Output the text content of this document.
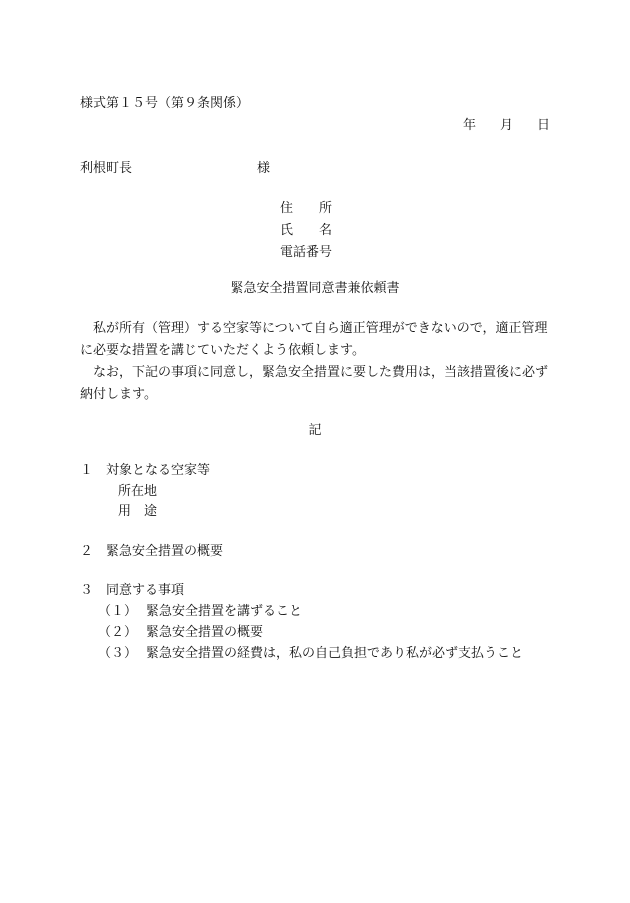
様式第１５号（第９条関係）
年 月 日
利根町長	様
住　　所
氏　　名
電話番号
緊急安全措置同意書兼依頼書
私が所有（管理）する空家等について自ら適正管理ができないので，適正管理に必要な措置を講じていただくよう依頼します。
なお，下記の事項に同意し，緊急安全措置に要した費用は，当該措置後に必ず納付します。
記
１ 対象となる空家等
所在地
用　途
２ 緊急安全措置の概要
３ 同意する事項
（１） 緊急安全措置を講ずること
（２） 緊急安全措置の概要
（３） 緊急安全措置の経費は，私の自己負担であり私が必ず支払うこと
